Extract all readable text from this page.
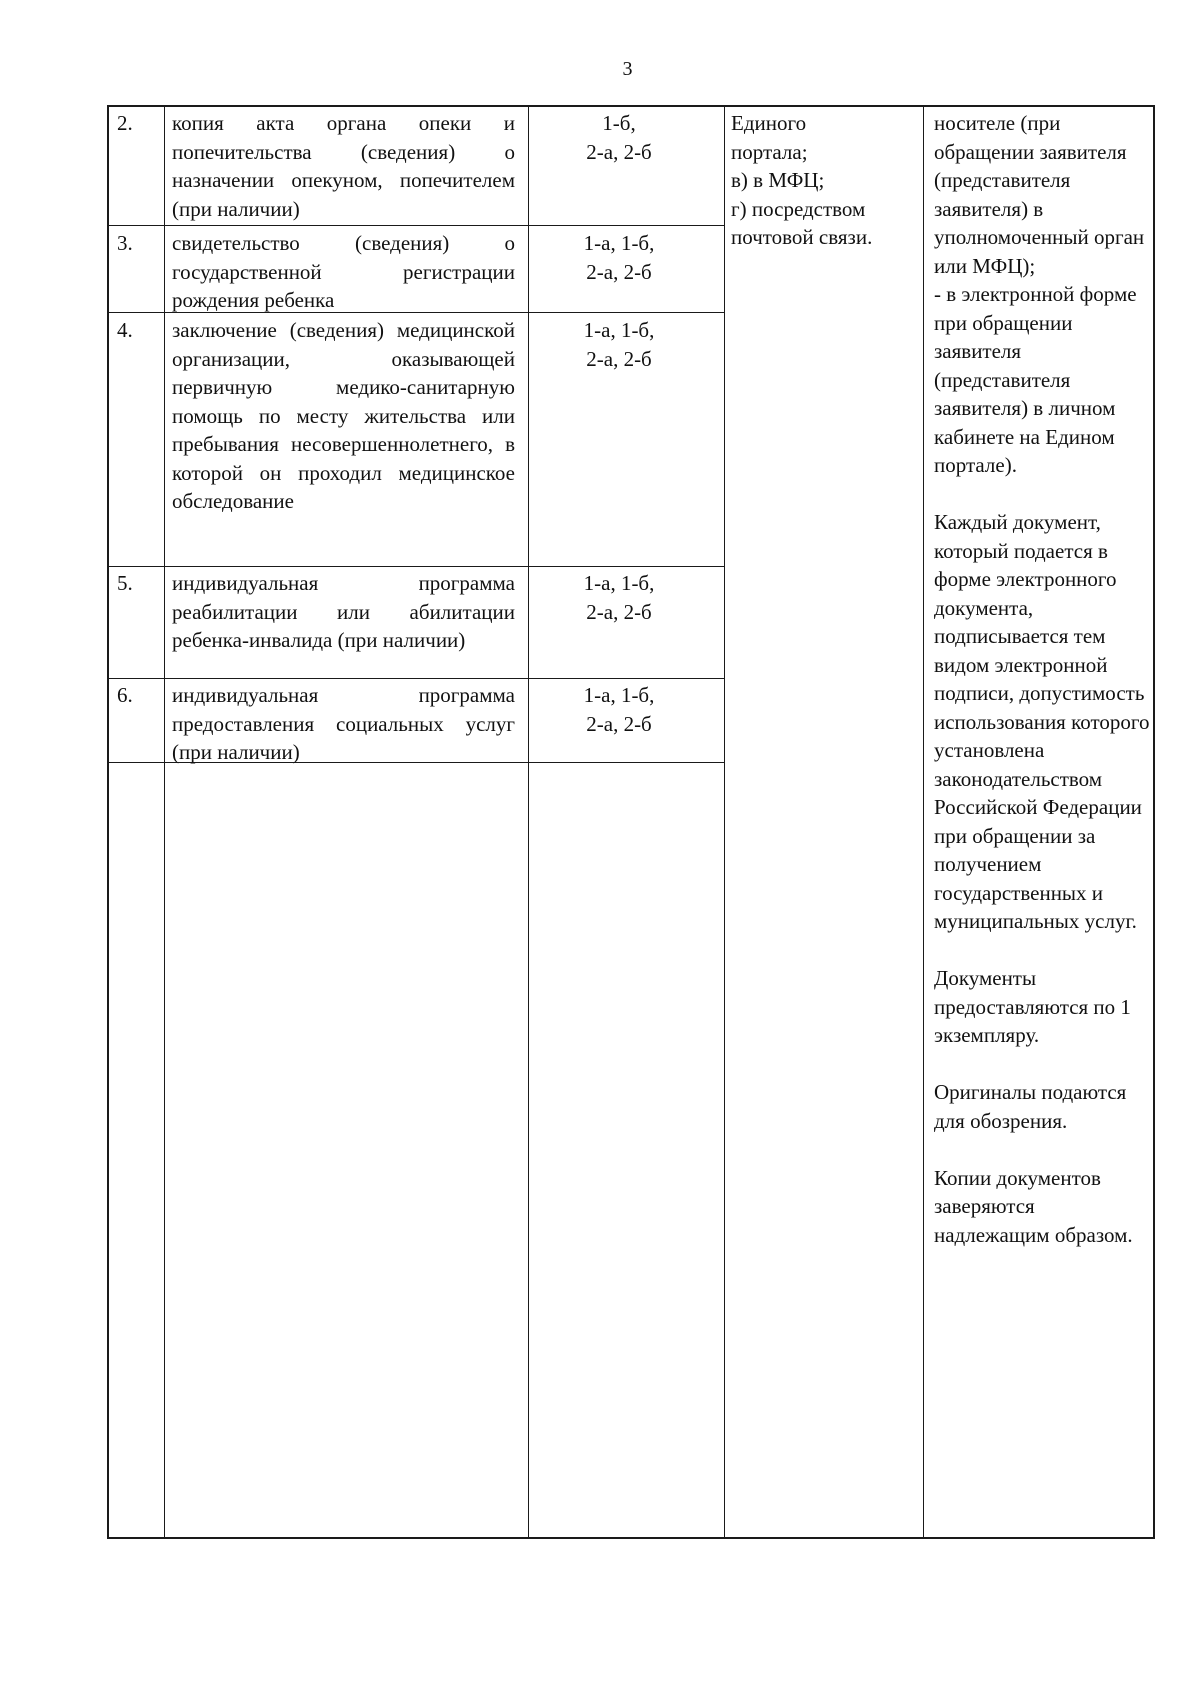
3
2. копия акта органа опеки и попечительства (сведения) о назначении опекуном, попечителем (при наличии)
1-б,
2-а, 2-б
3. свидетельство (сведения) о государственной регистрации рождения ребенка
1-а, 1-б,
2-а, 2-б
4. заключение (сведения) медицинской организации, оказывающей первичную медико-санитарную помощь по месту жительства или пребывания несовершеннолетнего, в которой он проходил медицинское обследование
1-а, 1-б,
2-а, 2-б
5. индивидуальная программа реабилитации или абилитации ребенка-инвалида (при наличии)
1-а, 1-б,
2-а, 2-б
6. индивидуальная программа предоставления социальных услуг (при наличии)
1-а, 1-б,
2-а, 2-б
Единого
портала;
в) в МФЦ;
г) посредством
почтовой связи.

носителе (при обращении заявителя (представителя заявителя) в уполномоченный орган или МФЦ);

- в электронной форме при обращении заявителя (представителя заявителя) в личном кабинете на Едином портале).

Каждый документ, который подается в форме электронного документа, подписывается тем видом электронной подписи, допустимость использования которого установлена законодательством Российской Федерации при обращении за получением государственных и муниципальных услуг.

Документы предоставляются по 1 экземпляру.

Оригиналы подаются для обозрения.

Копии документов заверяются надлежащим образом.
